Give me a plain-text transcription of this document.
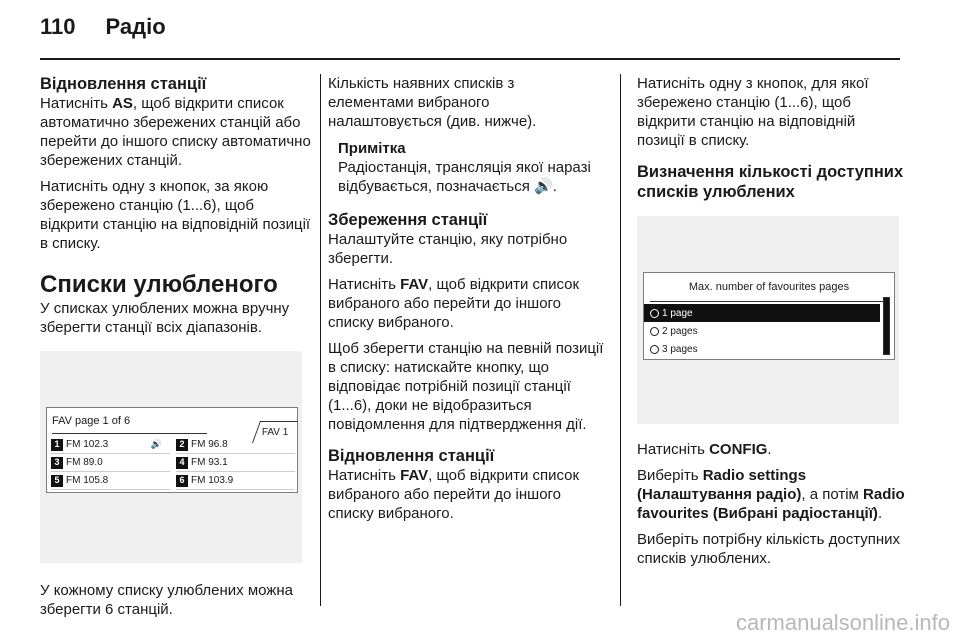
110 Радіо
Відновлення станції

Натисніть AS, щоб відкрити список автоматично збережених станцій або перейти до іншого списку автоматично збережених станцій.

Натисніть одну з кнопок, за якою збережено станцію (1...6), щоб відкрити станцію на відповідній позиції в списку.

Списки улюбленого

У списках улюблених можна вручну зберегти станції всіх діапазонів.

FAV page 1 of 6
FAV 1
1 FM 102.3	🔊	2 FM 96.8
3 FM 89.0	4 FM 93.1
5 FM 105.8	6 FM 103.9

У кожному списку улюблених можна зберегти 6 станцій.

Кількість наявних списків з елементами вибраного налаштовується (див. нижче).

Примітка
Радіостанція, трансляція якої наразі відбувається, позначається 🔊.
Збереження станції

Налаштуйте станцію, яку потрібно зберегти.

Натисніть FAV, щоб відкрити список вибраного або перейти до іншого списку вибраного.

Щоб зберегти станцію на певній позиції в списку: натискайте кнопку, що відповідає потрібній позиції станції (1...6), доки не відобразиться повідомлення для підтвердження дії.

Відновлення станції

Натисніть FAV, щоб відкрити список вибраного або перейти до іншого списку вибраного.

Натисніть одну з кнопок, для якої збережено станцію (1...6), щоб відкрити станцію на відповідній позиції в списку.

Визначення кількості доступних списків улюблених
Max. number of favourites pages
1 page
2 pages
3 pages

Натисніть CONFIG.

Виберіть Radio settings (Налаштування радіо), а потім Radio favourites (Вибрані радіостанції).

Виберіть потрібну кількість доступних списків улюблених.

carmanualsonline.info
